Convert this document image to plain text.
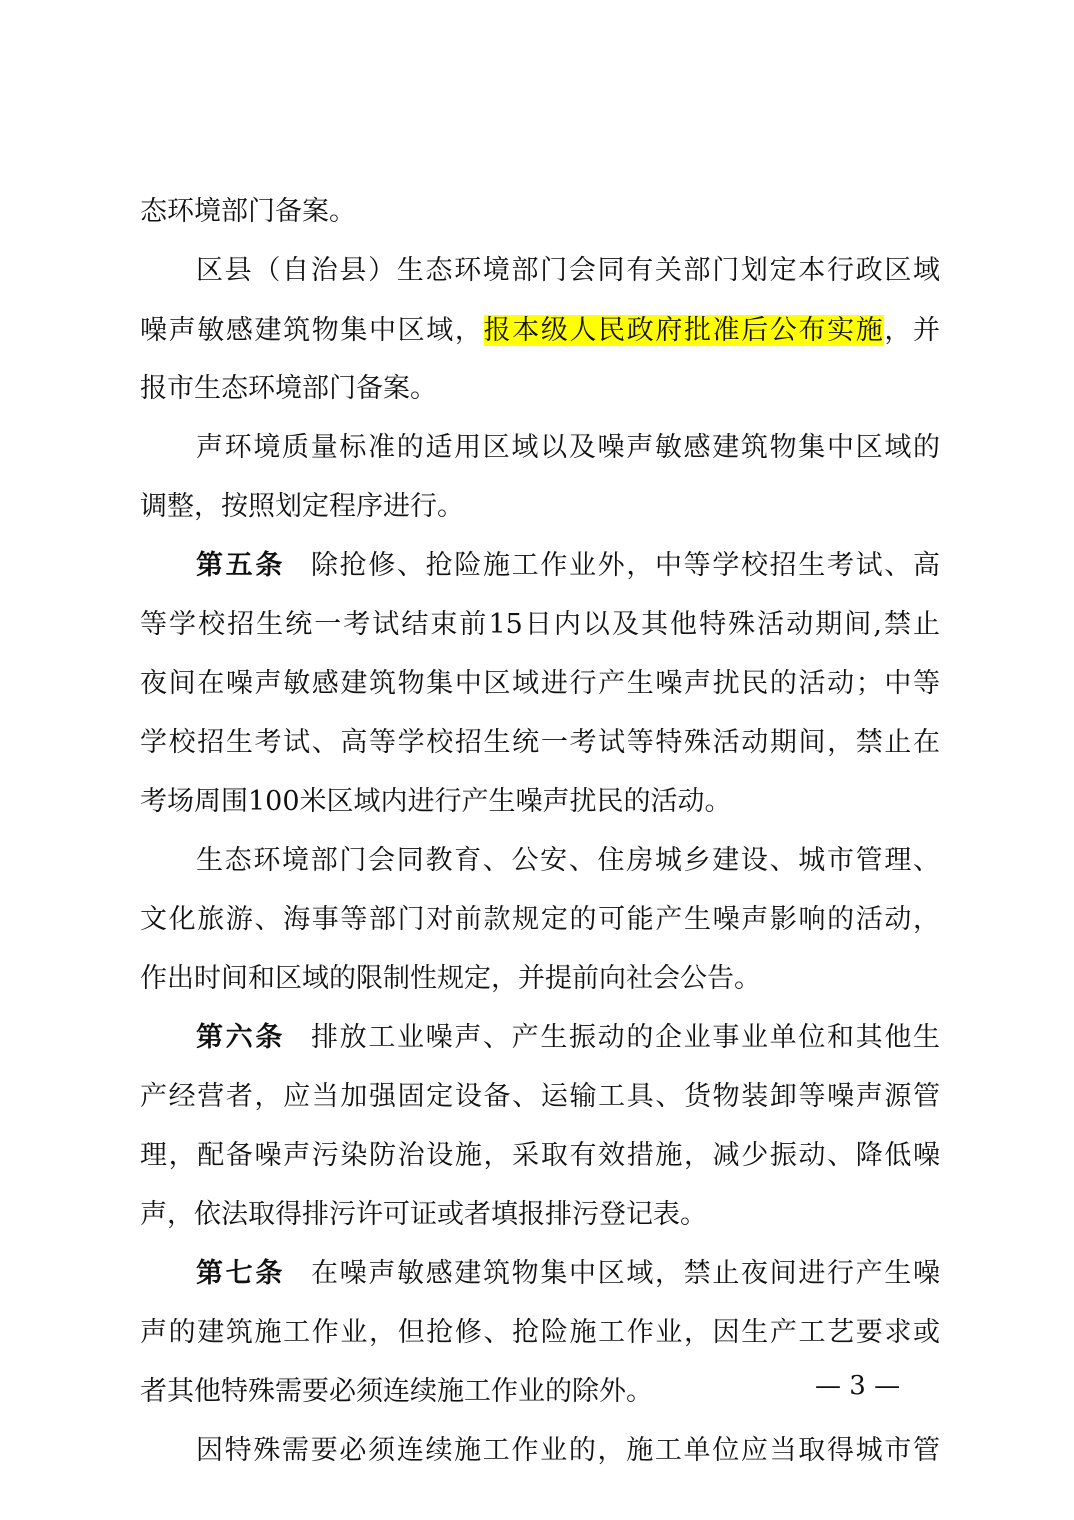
态环境部门备案。
区县（自治县）生态环境部门会同有关部门划定本行政区域
噪声敏感建筑物集中区域，报本级人民政府批准后公布实施，并
报市生态环境部门备案。
声环境质量标准的适用区域以及噪声敏感建筑物集中区域的
调整，按照划定程序进行。
第五条 除抢修、抢险施工作业外，中等学校招生考试、高
等学校招生统一考试结束前15日内以及其他特殊活动期间,禁止
夜间在噪声敏感建筑物集中区域进行产生噪声扰民的活动；中等
学校招生考试、高等学校招生统一考试等特殊活动期间，禁止在
考场周围100米区域内进行产生噪声扰民的活动。
生态环境部门会同教育、公安、住房城乡建设、城市管理、
文化旅游、海事等部门对前款规定的可能产生噪声影响的活动，
作出时间和区域的限制性规定，并提前向社会公告。
第六条 排放工业噪声、产生振动的企业事业单位和其他生
产经营者，应当加强固定设备、运输工具、货物装卸等噪声源管
理，配备噪声污染防治设施，采取有效措施，减少振动、降低噪
声，依法取得排污许可证或者填报排污登记表。
第七条 在噪声敏感建筑物集中区域，禁止夜间进行产生噪
声的建筑施工作业，但抢修、抢险施工作业，因生产工艺要求或
者其他特殊需要必须连续施工作业的除外。
因特殊需要必须连续施工作业的，施工单位应当取得城市管
— 3 —
